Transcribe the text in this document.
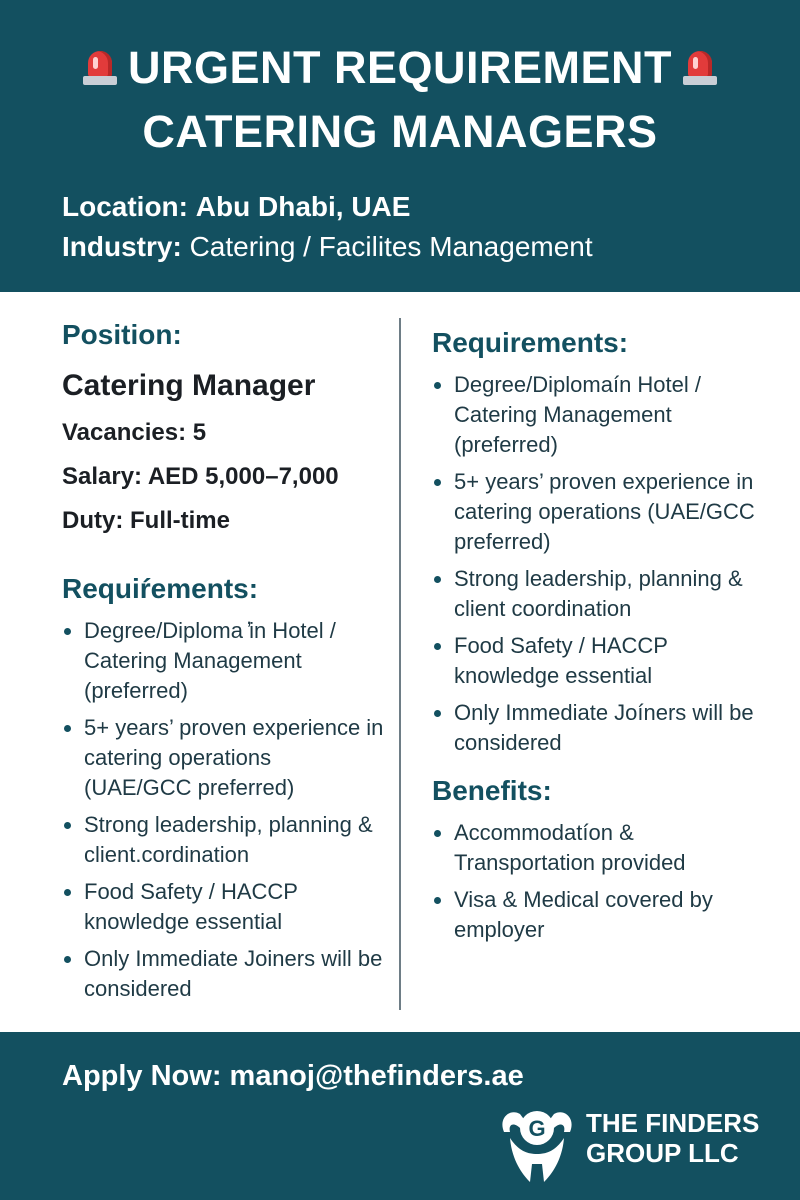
URGENT REQUIREMENT
CATERING MANAGERS
Location: Abu Dhabi, UAE
Industry: Catering / Facilites Management
Position:
Catering Manager
Vacancies: 5
Salary: AED 5,000–7,000
Duty: Full-time
Requiŕements:
Degree/Diploma ̓in Hotel / Catering Management (preferred)
5+ years’ proven experience in catering operations (UAE/GCC preferred)
Strong leadership, planning & client.cordination
Food Safety / HACCP knowledge essential
Only Immediate Joiners will be considered
Requirements:
Degree/Diplomaín Hotel / Catering Management (preferred)
5+ years’ proven experience in catering operations (UAE/GCC preferred)
Strong leadership, planning & client coordination
Food Safety / HACCP knowledge essential
Only Immediate Joíners will be considered
Benefits:
Accommodatíon & Transportation provided
Visa & Medical covered by employer
Apply Now: manoj@thefinders.ae
G THE FINDERS
GROUP LLC
